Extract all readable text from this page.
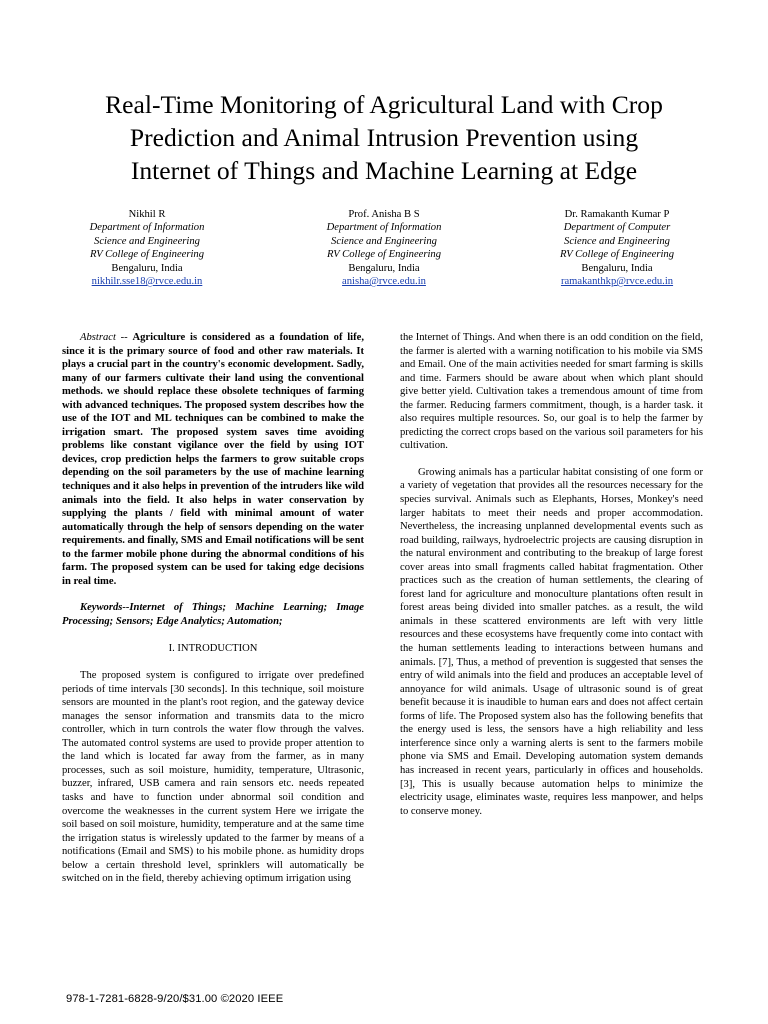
Real-Time Monitoring of Agricultural Land with Crop
Prediction and Animal Intrusion Prevention using
Internet of Things and Machine Learning at Edge
Nikhil R
Department of Information
Science and Engineering
RV College of Engineering
Bengaluru, India
nikhilr.sse18@rvce.edu.in
Prof. Anisha B S
Department of Information
Science and Engineering
RV College of Engineering
Bengaluru, India
anisha@rvce.edu.in
Dr. Ramakanth Kumar P
Department of Computer
Science and Engineering
RV College of Engineering
Bengaluru, India
ramakanthkp@rvce.edu.in

Abstract -- Agriculture is considered as a foundation of life, since it is the primary source of food and other raw materials. It plays a crucial part in the country's economic development. Sadly, many of our farmers cultivate their land using the conventional methods. we should replace these obsolete techniques of farming with advanced techniques. The proposed system describes how the use of the IOT and ML techniques can be combined to make the irrigation smart. The proposed system saves time avoiding problems like constant vigilance over the field by using IOT devices, crop prediction helps the farmers to grow suitable crops depending on the soil parameters by the use of machine learning techniques and it also helps in prevention of the intruders like wild animals into the field. It also helps in water conservation by supplying the plants / field with minimal amount of water automatically through the help of sensors depending on the water requirements. and finally, SMS and Email notifications will be sent to the farmer mobile phone during the abnormal conditions of his farm. The proposed system can be used for taking edge decisions in real time.

Keywords--Internet of Things; Machine Learning; Image Processing; Sensors; Edge Analytics; Automation;

I. INTRODUCTION

The proposed system is configured to irrigate over predefined periods of time intervals [30 seconds]. In this technique, soil moisture sensors are mounted in the plant's root region, and the gateway device manages the sensor information and transmits data to the micro controller, which in turn controls the water flow through the valves. The automated control systems are used to provide proper attention to the land which is located far away from the farmer, as in many processes, such as soil moisture, humidity, temperature, Ultrasonic, buzzer, infrared, USB camera and rain sensors etc. needs repeated tasks and have to function under abnormal soil condition and overcome the weaknesses in the current system Here we irrigate the soil based on soil moisture, humidity, temperature and at the same time the irrigation status is wirelessly updated to the farmer by means of a notifications (Email and SMS) to his mobile phone. as humidity drops below a certain threshold level, sprinklers will automatically be switched on in the field, thereby achieving optimum irrigation using

the Internet of Things. And when there is an odd condition on the field, the farmer is alerted with a warning notification to his mobile via SMS and Email. One of the main activities needed for smart farming is skills and time. Farmers should be aware about when which plant should give better yield. Cultivation takes a tremendous amount of time from the farmer. Reducing farmers commitment, though, is a harder task. it also requires multiple resources. So, our goal is to help the farmer by predicting the correct crops based on the various soil parameters for his cultivation.

Growing animals has a particular habitat consisting of one form or a variety of vegetation that provides all the resources necessary for the species survival. Animals such as Elephants, Horses, Monkey's need larger habitats to meet their needs and proper accommodation. Nevertheless, the increasing unplanned developmental events such as road building, railways, hydroelectric projects are causing disruption in the natural environment and contributing to the breakup of large forest cover areas into small fragments called habitat fragmentation. Other practices such as the creation of human settlements, the clearing of forest land for agriculture and monoculture plantations often result in forest areas being divided into smaller patches. as a result, the wild animals in these scattered environments are left with very little resources and these ecosystems have frequently come into contact with the human settlements leading to interactions between humans and animals. [7], Thus, a method of prevention is suggested that senses the entry of wild animals into the field and produces an acceptable level of annoyance for wild animals. Usage of ultrasonic sound is of great benefit because it is inaudible to human ears and does not affect certain forms of life. The Proposed system also has the following benefits that the energy used is less, the sensors have a high reliability and less interference since only a warning alerts is sent to the farmers mobile phone via SMS and Email. Developing automation system demands has increased in recent years, particularly in offices and households. [3], This is usually because automation helps to minimize the electricity usage, eliminates waste, requires less manpower, and helps to conserve money.

978-1-7281-6828-9/20/$31.00 ©2020 IEEE
